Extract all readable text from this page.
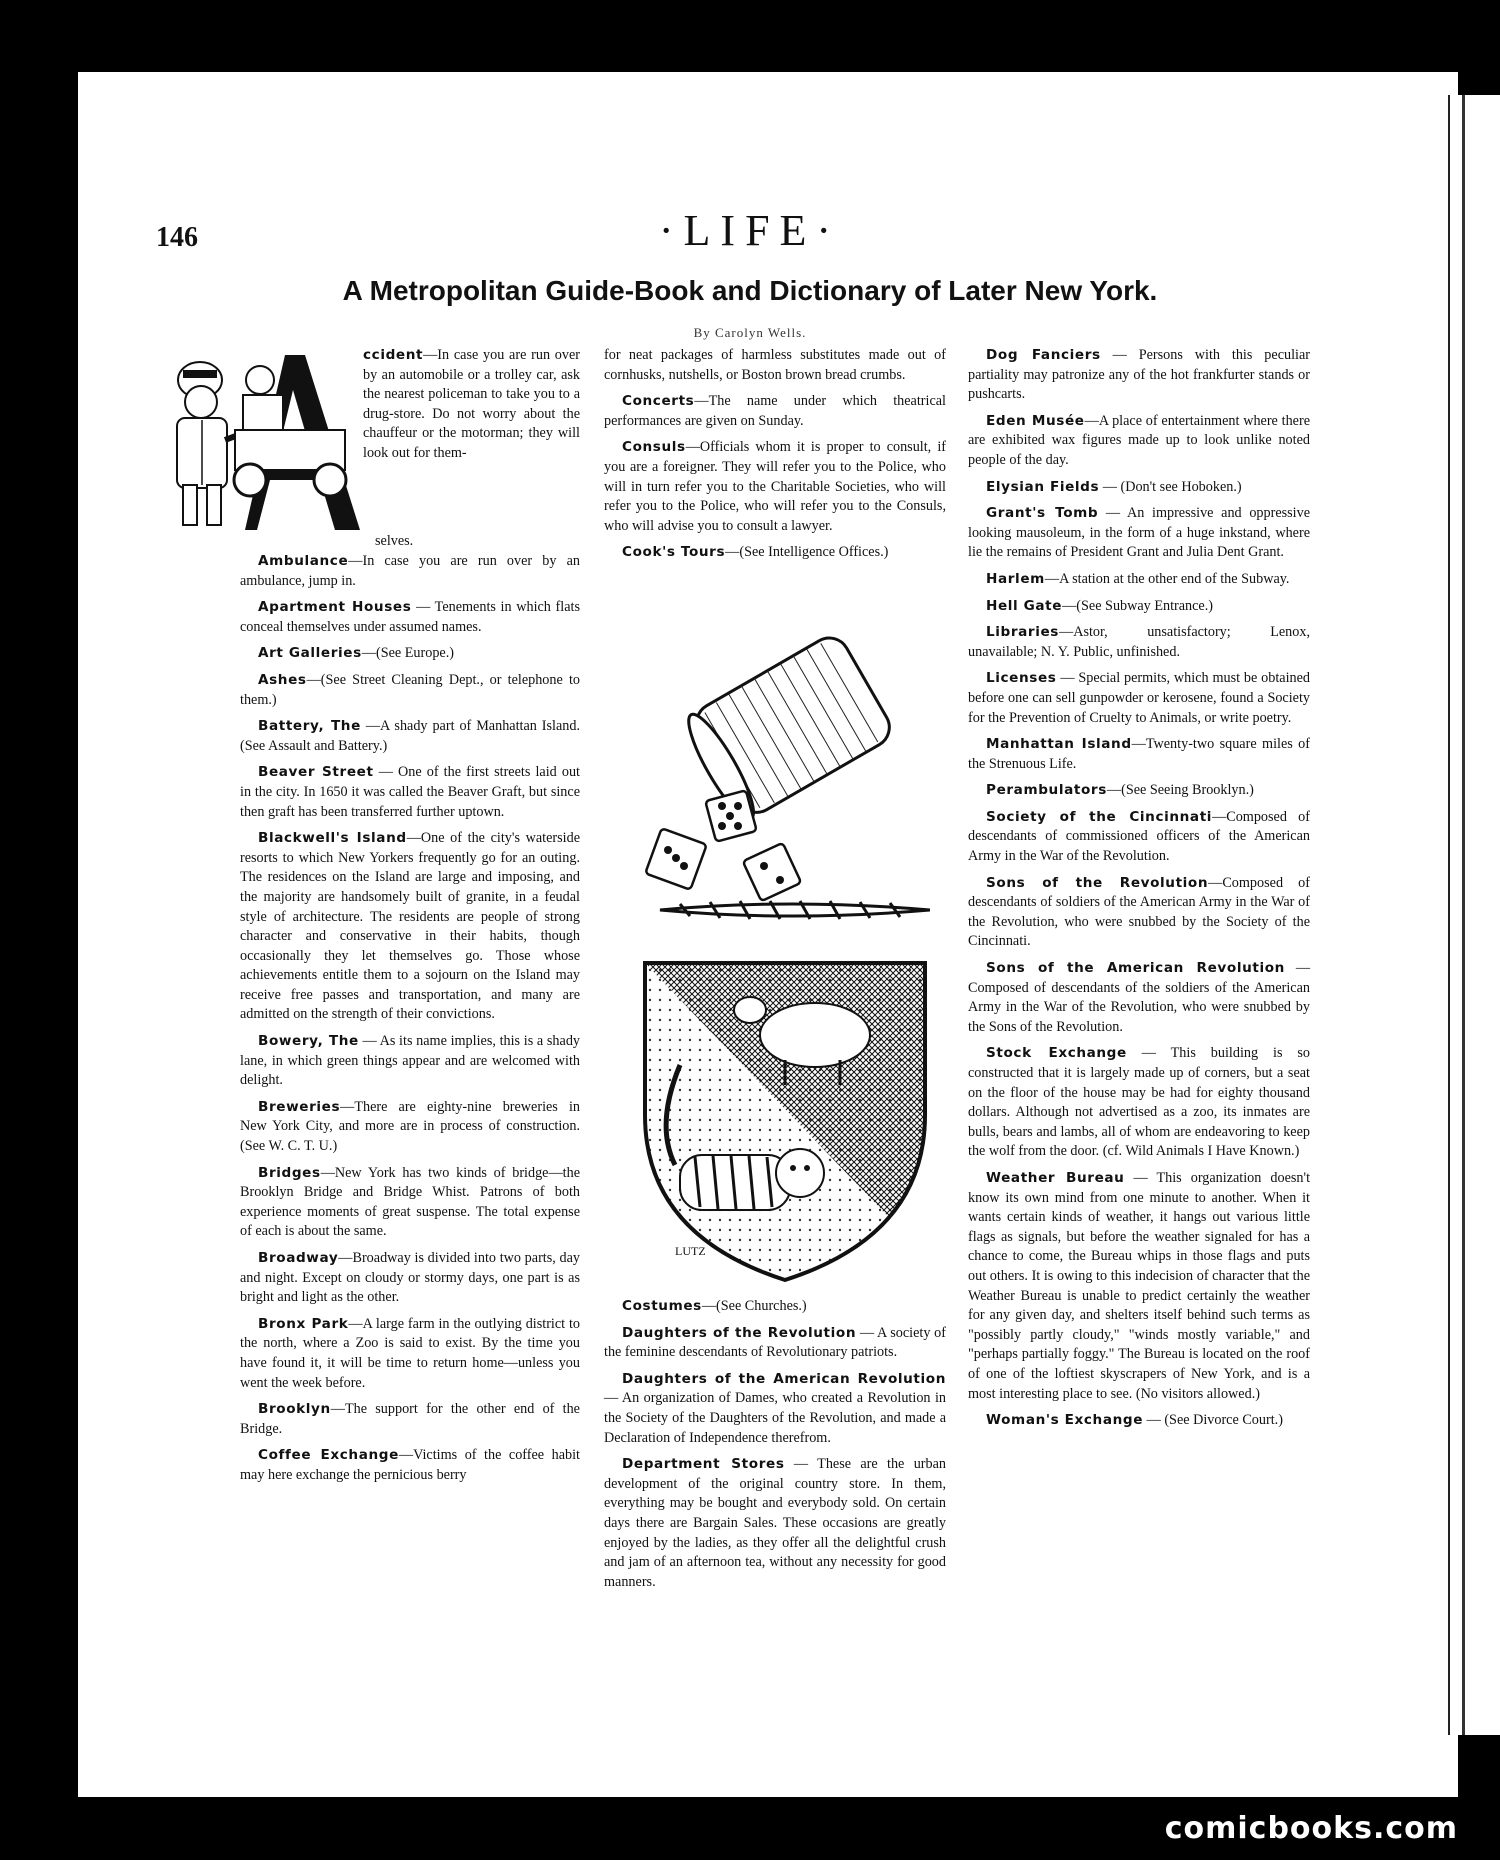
146	·LIFE·
A Metropolitan Guide-Book and Dictionary of Later New York.
By Carolyn Wells.
ccident—In case you are run over by an automobile or a trolley car, ask the nearest policeman to take you to a drug-store. Do not worry about the chauffeur or the motorman; they will look out for them-
selves.

Ambulance—In case you are run over by an ambulance, jump in.

Apartment Houses — Tenements in which flats conceal themselves under assumed names.

Art Galleries—(See Europe.)

Ashes—(See Street Cleaning Dept., or telephone to them.)

Battery, The —A shady part of Manhattan Island. (See Assault and Battery.)

Beaver Street — One of the first streets laid out in the city. In 1650 it was called the Beaver Graft, but since then graft has been transferred further uptown.

Blackwell's Island—One of the city's waterside resorts to which New Yorkers frequently go for an outing. The residences on the Island are large and imposing, and the majority are handsomely built of granite, in a feudal style of architecture. The residents are people of strong character and conservative in their habits, though occasionally they let themselves go. Those whose achievements entitle them to a sojourn on the Island may receive free passes and transportation, and many are admitted on the strength of their convictions.

Bowery, The — As its name implies, this is a shady lane, in which green things appear and are welcomed with delight.

Breweries—There are eighty-nine breweries in New York City, and more are in process of construction. (See W. C. T. U.)

Bridges—New York has two kinds of bridge—the Brooklyn Bridge and Bridge Whist. Patrons of both experience moments of great suspense. The total expense of each is about the same.

Broadway—Broadway is divided into two parts, day and night. Except on cloudy or stormy days, one part is as bright and light as the other.

Bronx Park—A large farm in the outlying district to the north, where a Zoo is said to exist. By the time you have found it, it will be time to return home—unless you went the week before.

Brooklyn—The support for the other end of the Bridge.

Coffee Exchange—Victims of the coffee habit may here exchange the pernicious berry

for neat packages of harmless substitutes made out of cornhusks, nutshells, or Boston brown bread crumbs.

Concerts—The name under which theatrical performances are given on Sunday.

Consuls—Officials whom it is proper to consult, if you are a foreigner. They will refer you to the Police, who will in turn refer you to the Charitable Societies, who will refer you to the Police, who will refer you to the Consuls, who will advise you to consult a lawyer.

Cook's Tours—(See Intelligence Offices.)

LUTZ

Costumes—(See Churches.)

Daughters of the Revolution — A society of the feminine descendants of Revolutionary patriots.

Daughters of the American Revolution — An organization of Dames, who created a Revolution in the Society of the Daughters of the Revolution, and made a Declaration of Independence therefrom.

Department Stores — These are the urban development of the original country store. In them, everything may be bought and everybody sold. On certain days there are Bargain Sales. These occasions are greatly enjoyed by the ladies, as they offer all the delightful crush and jam of an afternoon tea, without any necessity for good manners.

Dog Fanciers — Persons with this peculiar partiality may patronize any of the hot frankfurter stands or pushcarts.

Eden Musée—A place of entertainment where there are exhibited wax figures made up to look unlike noted people of the day.

Elysian Fields — (Don't see Hoboken.)

Grant's Tomb — An impressive and oppressive looking mausoleum, in the form of a huge inkstand, where lie the remains of President Grant and Julia Dent Grant.

Harlem—A station at the other end of the Subway.

Hell Gate—(See Subway Entrance.)

Libraries—Astor, unsatisfactory; Lenox, unavailable; N. Y. Public, unfinished.

Licenses — Special permits, which must be obtained before one can sell gunpowder or kerosene, found a Society for the Prevention of Cruelty to Animals, or write poetry.

Manhattan Island—Twenty-two square miles of the Strenuous Life.

Perambulators—(See Seeing Brooklyn.)

Society of the Cincinnati—Composed of descendants of commissioned officers of the American Army in the War of the Revolution.

Sons of the Revolution—Composed of descendants of soldiers of the American Army in the War of the Revolution, who were snubbed by the Society of the Cincinnati.

Sons of the American Revolution —Composed of descendants of the soldiers of the American Army in the War of the Revolution, who were snubbed by the Sons of the Revolution.

Stock Exchange — This building is so constructed that it is largely made up of corners, but a seat on the floor of the house may be had for eighty thousand dollars. Although not advertised as a zoo, its inmates are bulls, bears and lambs, all of whom are endeavoring to keep the wolf from the door. (cf. Wild Animals I Have Known.)

Weather Bureau — This organization doesn't know its own mind from one minute to another. When it wants certain kinds of weather, it hangs out various little flags as signals, but before the weather signaled for has a chance to come, the Bureau whips in those flags and puts out others. It is owing to this indecision of character that the Weather Bureau is unable to predict certainly the weather for any given day, and shelters itself behind such terms as "possibly partly cloudy," "winds mostly variable," and "perhaps partially foggy." The Bureau is located on the roof of one of the loftiest skyscrapers of New York, and is a most interesting place to see. (No visitors allowed.)

Woman's Exchange — (See Divorce Court.)

comicbooks.com
